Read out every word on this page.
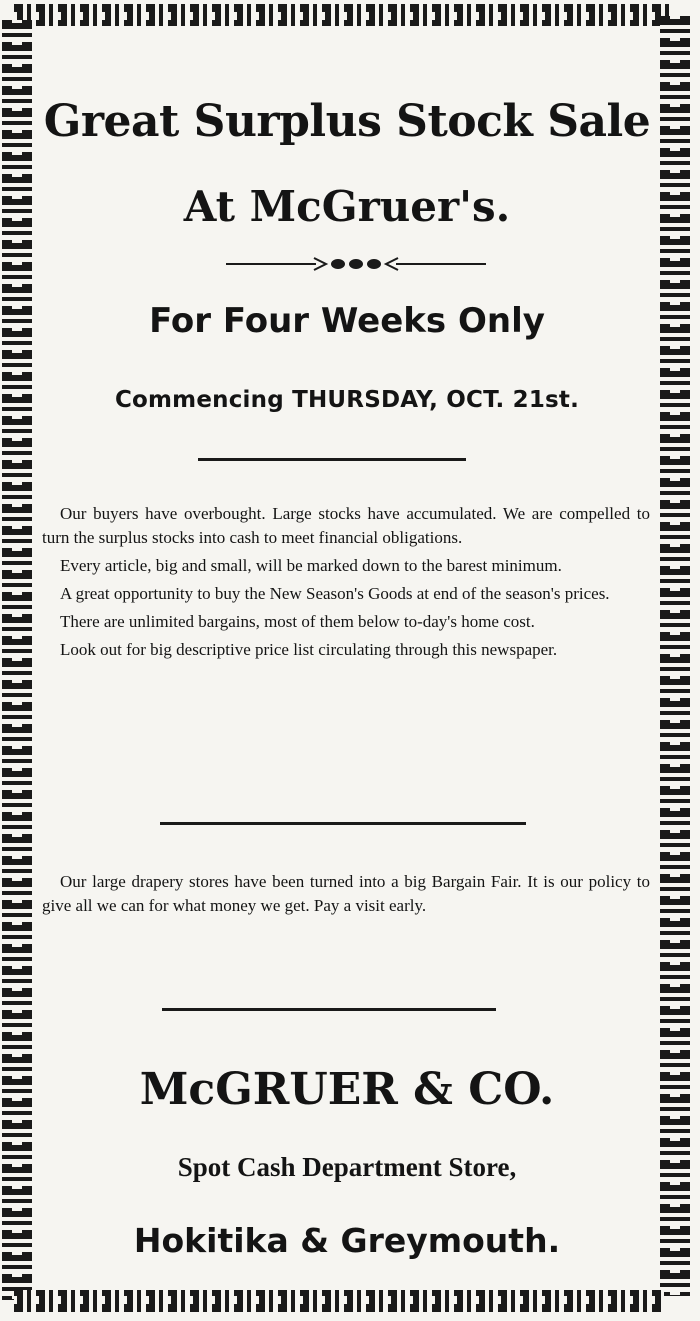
Great Surplus Stock Sale
At McGruer's.
For Four Weeks Only
Commencing THURSDAY, OCT. 21st.

Our buyers have overbought. Large stocks have accumulated. We are compelled to turn the surplus stocks into cash to meet financial obligations.

Every article, big and small, will be marked down to the barest minimum.

A great opportunity to buy the New Season's Goods at end of the season's prices.

There are unlimited bargains, most of them below to-day's home cost.

Look out for big descriptive price list circulating through this newspaper.

Our large drapery stores have been turned into a big Bargain Fair. It is our policy to give all we can for what money we get. Pay a visit early.

McGRUER & CO.
Spot Cash Department Store,
Hokitika & Greymouth.
